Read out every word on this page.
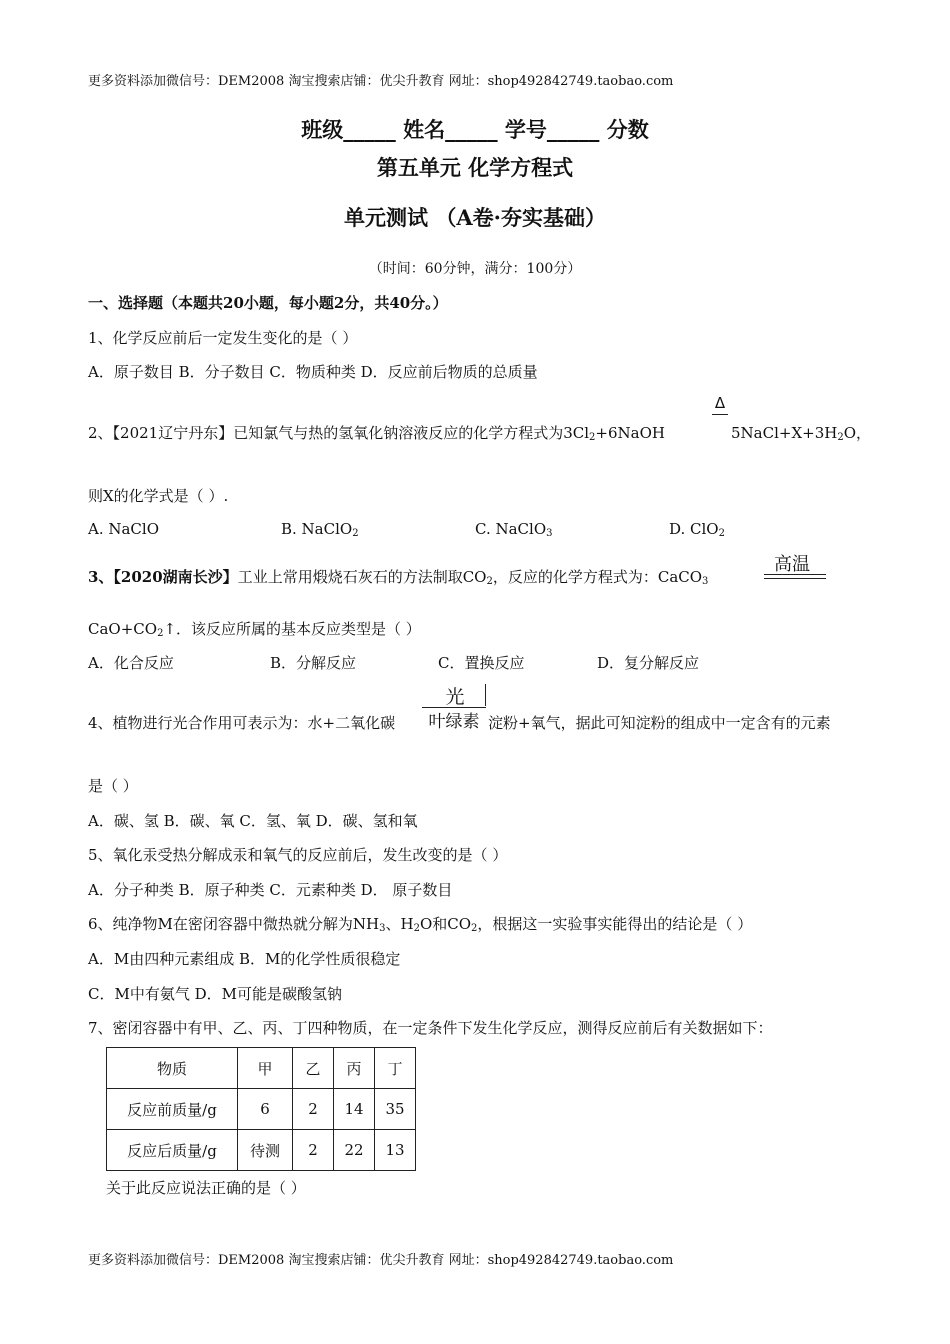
更多资料添加微信号：DEM2008 淘宝搜索店铺：优尖升教育 网址：shop492842749.taobao.com
班级_____ 姓名_____ 学号_____ 分数
第五单元 化学方程式
单元测试 （A卷·夯实基础）
（时间：60分钟，满分：100分）
一、选择题（本题共20小题，每小题2分，共40分。）
1、化学反应前后一定发生变化的是（ ）
A．原子数目 B．分子数目 C．物质种类 D．反应前后物质的总质量
2、【2021辽宁丹东】已知氯气与热的氢氧化钠溶液反应的化学方程式为$3Cl_2+6NaOH$
Δ
$5NaCl+X+3H_2O$，
则X的化学式是（ ）.
A. NaClO	B. NaClO$_2$	C. NaClO$_3$	D. ClO$_2$
3、【2020湖南长沙】工业上常用煅烧石灰石的方法制取$CO_2$，反应的化学方程式为：CaCO$_3$
高温
$CaO+CO_2↑$．该反应所属的基本反应类型是（ ）
A．化合反应	B．分解反应	C．置换反应	D．复分解反应
4、植物进行光合作用可表示为：水+二氧化碳
光
叶绿素 淀粉+氧气，据此可知淀粉的组成中一定含有的元素
是（ ）
A．碳、氢 B．碳、氧 C．氢、氧 D．碳、氢和氧
5、氧化汞受热分解成汞和氧气的反应前后，发生改变的是（ ）
A．分子种类 B．原子种类 C．元素种类 D． 原子数目
6、纯净物M在密闭容器中微热就分解为$NH_3$、$H_2O$和$CO_2$，根据这一实验事实能得出的结论是（ ）
A．M由四种元素组成 B．M的化学性质很稳定
C．M中有氨气 D．M可能是碳酸氢钠
7、密闭容器中有甲、乙、丙、丁四种物质，在一定条件下发生化学反应，测得反应前后有关数据如下：
物质	甲	乙	丙	丁
反应前质量/g	6	2	14	35
反应后质量/g	待测	2	22	13
关于此反应说法正确的是（ ）
更多资料添加微信号：DEM2008 淘宝搜索店铺：优尖升教育 网址：shop492842749.taobao.com
